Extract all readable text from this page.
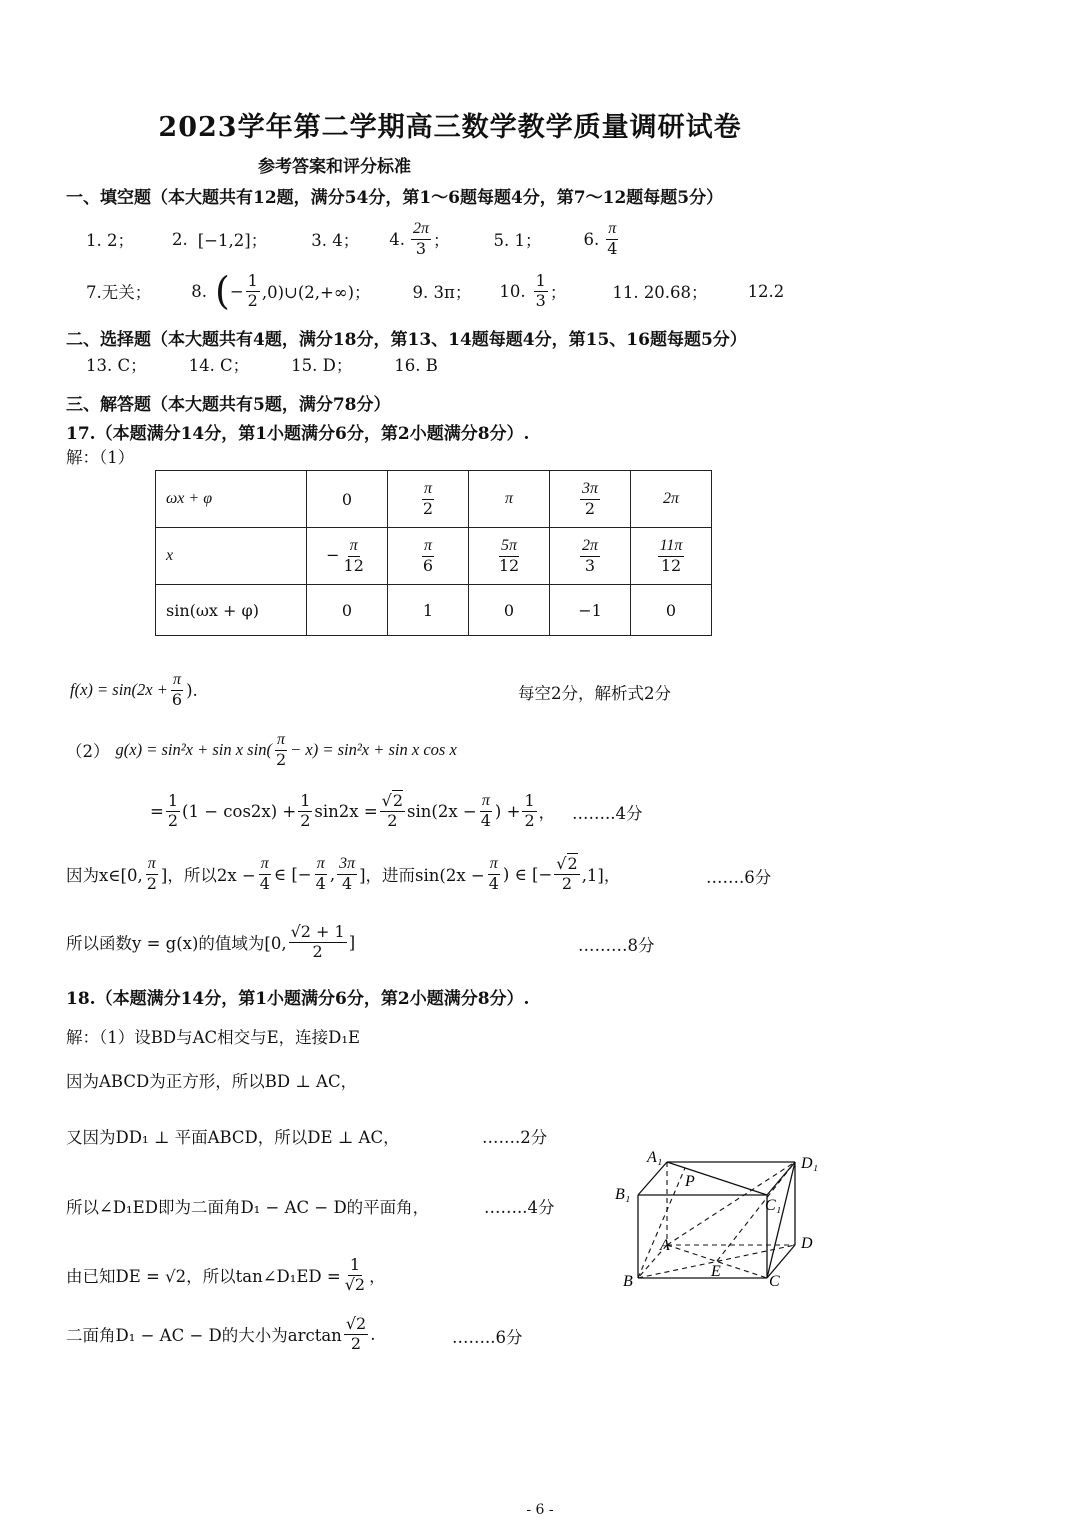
2023学年第二学期高三数学教学质量调研试卷
参考答案和评分标准
一、填空题（本大题共有12题，满分54分，第1～6题每题4分，第7～12题每题5分）
1. 2； 2. [−1,2]；	3. 4； 4. $\frac{2\pi}{3}$ ；	5. 1；	6. $\frac{\pi}{4}$
7.无关； 8. ( − $\frac{1}{2}$ ,0)∪(2,+∞)；	9. 3π； 10. $\frac{1}{3}$ ；	11. 20.68； 12.2
二、选择题（本大题共有4题，满分18分，第13、14题每题4分，第15、16题每题5分）
13. C；        14. C；        15. D；        16. B
三、解答题（本大题共有5题，满分78分）
17.（本题满分14分，第1小题满分6分，第2小题满分8分）.
解：（1）
ωx + φ	0	$\frac{\pi}{2}$	π	$\frac{3\pi}{2}$	2π
x	− $\frac{\pi}{12}$	$\frac{\pi}{6}$	$\frac{5\pi}{12}$	$\frac{2\pi}{3}$	$\frac{11\pi}{12}$

sin(ωx + φ)	0	1	0	−1	0
$f(x) = \sin(2x + \frac{\pi}{6}$ ).	每空2分，解析式2分
（2） g(x) = sin²x + sin x $\sin( \frac{\pi}{2} - x) = \sin^2x + \sin x$ cos x
= $\frac{1}{2} (1 - \cos 2x) + \frac{1}{2} \sin 2x = \frac{√2}{2} \sin(2x - \frac{\pi}{4}$ ) + $\frac{1}{2}$ ， ……..4分
因为x∈[0, $\frac{\pi}{2}$ ]，所以$2x - \frac{\pi}{4}$ ∈ [− $\frac{\pi}{4}$ , $\frac{3\pi}{4}$ ]，进而$\sin(2x - \frac{\pi}{4}$ ) ∈ [− $\frac{√2}{2} ,1$]，	…….6分
所以函数y = g(x)的值域为[0, $\frac{√2 + 1}{2}$ ]	………8分
18.（本题满分14分，第1小题满分6分，第2小题满分8分）.
解：（1）设BD与AC相交与E，连接D₁E
因为ABCD为正方形，所以BD ⊥ AC，
又因为DD₁ ⊥ 平面ABCD，所以DE ⊥ AC，	…….2分
所以∠D₁ED即为二面角D₁ − AC − D的平面角，	……..4分
由已知DE = √2，所以tan∠D₁ED = $\frac{1}{√2}$ ，
二面角D₁ − AC − D的大小为$\arctan \frac{√2}{2}$ .	……..6分
A₁	D₁
B₁
P
C₁
A	D
B
E
C
- 6 -
